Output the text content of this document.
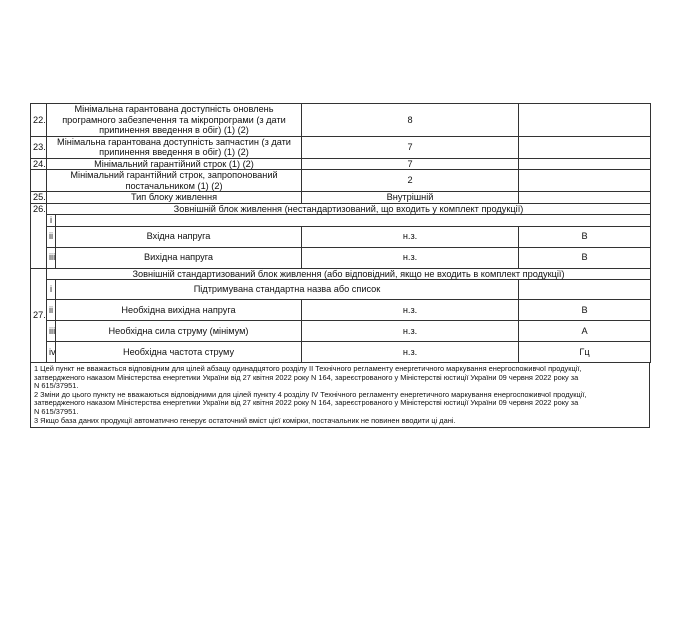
22.	Мінімальна гарантована доступність оновлень програмного забезпечення та мікропрограми (з дати припинення введення в обіг) (1) (2)		8	
23.	Мінімальна гарантована доступність запчастин (з дати припинення введення в обіг) (1) (2)		7	
24.	Мінімальний гарантійний строк (1) (2)		7	
	Мінімальний гарантійний строк, запропонований постачальником (1) (2)		2	
25.	Тип блоку живлення		Внутрішній	
26.	Зовнішній блок живлення (нестандартизований, що входить у комплект продукції)			
	i			
	ii	Вхідна напруга	н.з.	В
	iii	Вихідна напруга	н.з.	В
27.	Зовнішній стандартизований блок живлення (або відповідний, якщо не входить в комплект продукції)			
	i	Підтримувана стандартна назва або список		
	ii	Необхідна вихідна напруга	н.з.	В
	iii	Необхідна сила струму (мінімум)	н.з.	А
	iv	Необхідна частота струму	н.з.	Гц

1 Цей пункт не вважається відповідним для цілей абзацу одинадцятого розділу II Технічного регламенту енергетичного маркування енергоспоживчої продукції,

затвердженого наказом Міністерства енергетики України від 27 квітня 2022 року N 164, зареєстрованого у Міністерстві юстиції України 09 червня 2022 року за

N 615/37951.

2 Зміни до цього пункту не вважаються відповідними для цілей пункту 4 розділу IV Технічного регламенту енергетичного маркування енергоспоживчої продукції,

затвердженого наказом Міністерства енергетики України від 27 квітня 2022 року N 164, зареєстрованого у Міністерстві юстиції України 09 червня 2022 року за

N 615/37951.

3 Якщо база даних продукції автоматично генерує остаточний вміст цієї комірки, постачальник не повинен вводити ці дані.
